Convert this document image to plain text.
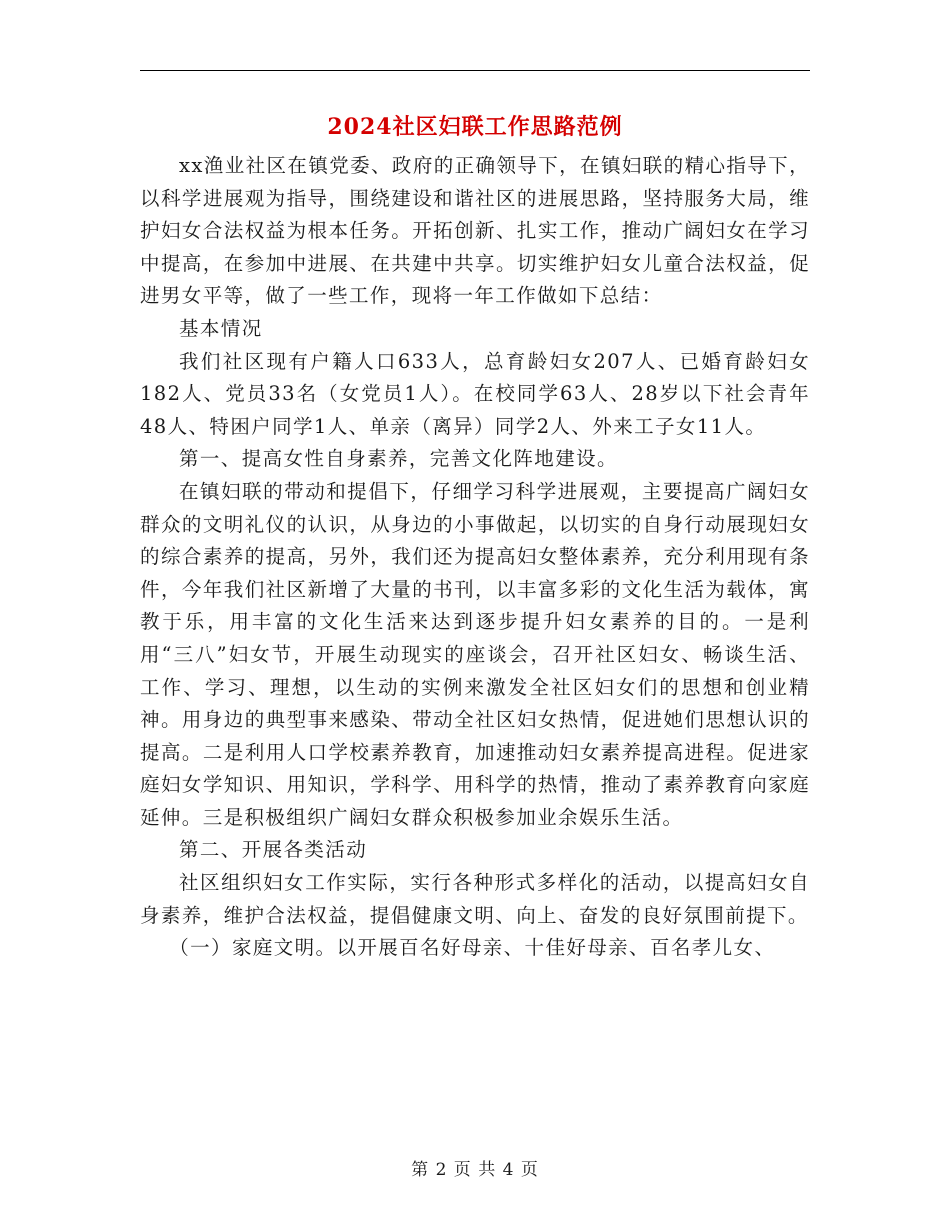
2024社区妇联工作思路范例

xx渔业社区在镇党委、政府的正确领导下，在镇妇联的精心指导下，以科学进展观为指导，围绕建设和谐社区的进展思路，坚持服务大局，维护妇女合法权益为根本任务。开拓创新、扎实工作，推动广阔妇女在学习中提高，在参加中进展、在共建中共享。切实维护妇女儿童合法权益，促进男女平等，做了一些工作，现将一年工作做如下总结：

基本情况

我们社区现有户籍人口633人，总育龄妇女207人、已婚育龄妇女182人、党员33名（女党员1人）。在校同学63人、28岁以下社会青年48人、特困户同学1人、单亲（离异）同学2人、外来工子女11人。

第一、提高女性自身素养，完善文化阵地建设。

在镇妇联的带动和提倡下，仔细学习科学进展观，主要提高广阔妇女群众的文明礼仪的认识，从身边的小事做起，以切实的自身行动展现妇女的综合素养的提高，另外，我们还为提高妇女整体素养，充分利用现有条件，今年我们社区新增了大量的书刊，以丰富多彩的文化生活为载体，寓教于乐，用丰富的文化生活来达到逐步提升妇女素养的目的。一是利用“三八”妇女节，开展生动现实的座谈会，召开社区妇女、畅谈生活、工作、学习、理想，以生动的实例来激发全社区妇女们的思想和创业精神。用身边的典型事来感染、带动全社区妇女热情，促进她们思想认识的提高。二是利用人口学校素养教育，加速推动妇女素养提高进程。促进家庭妇女学知识、用知识，学科学、用科学的热情，推动了素养教育向家庭延伸。三是积极组织广阔妇女群众积极参加业余娱乐生活。

第二、开展各类活动

社区组织妇女工作实际，实行各种形式多样化的活动，以提高妇女自身素养，维护合法权益，提倡健康文明、向上、奋发的良好氛围前提下。

（一）家庭文明。以开展百名好母亲、十佳好母亲、百名孝儿女、

第 2 页 共 4 页
